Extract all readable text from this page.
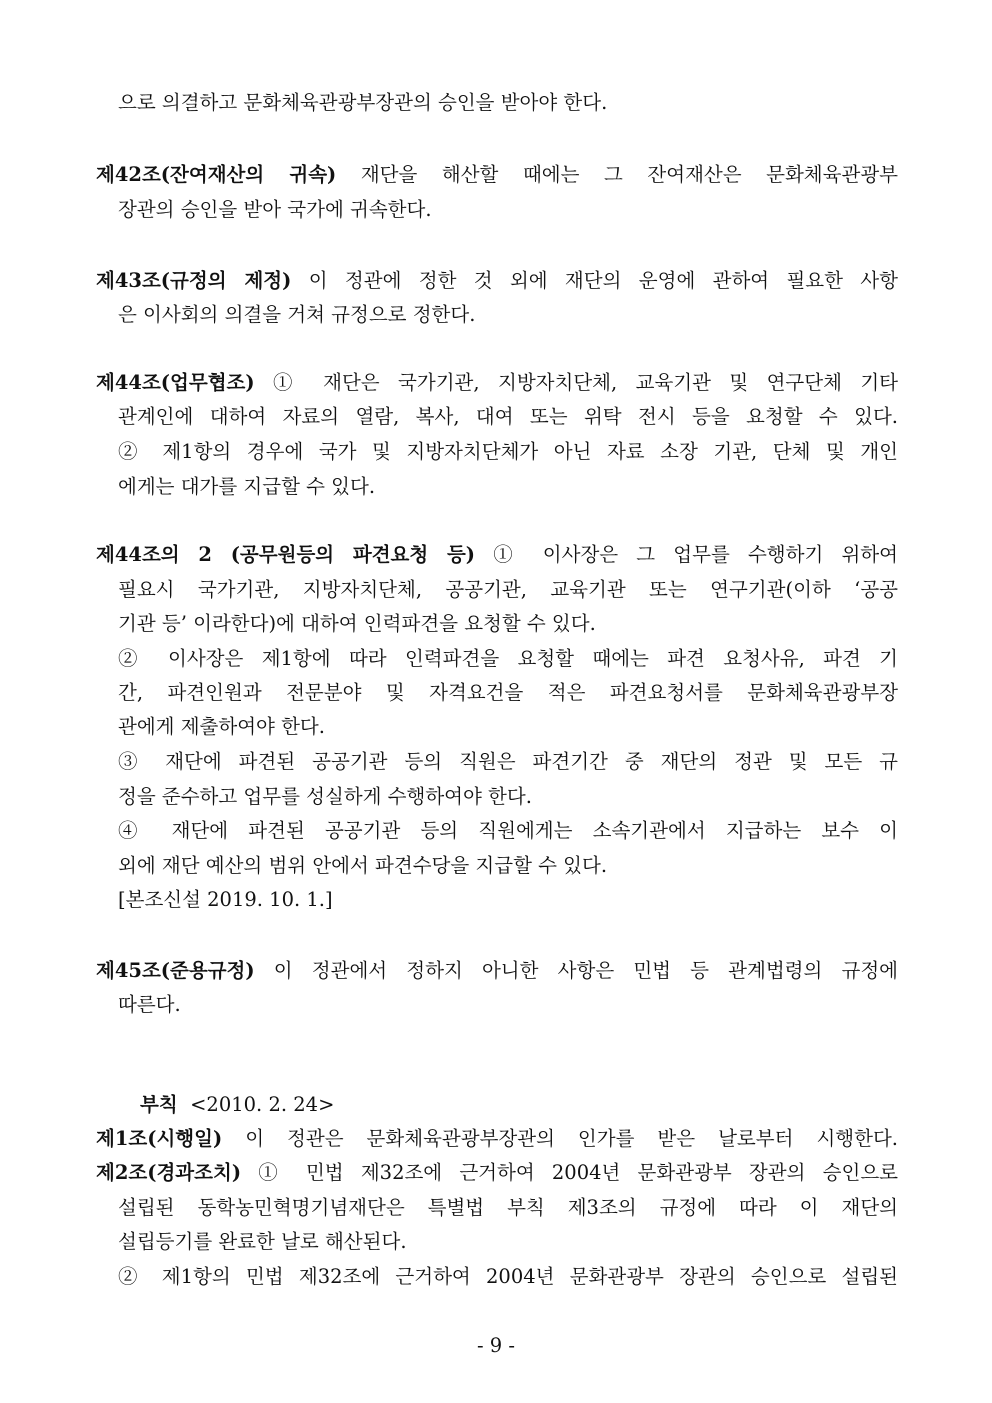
으로 의결하고 문화체육관광부장관의 승인을 받아야 한다.
제42조(잔여재산의 귀속) 재단을 해산할 때에는 그 잔여재산은 문화체육관광부
장관의 승인을 받아 국가에 귀속한다.
제43조(규정의 제정) 이 정관에 정한 것 외에 재단의 운영에 관하여 필요한 사항
은 이사회의 의결을 거쳐 규정으로 정한다.
제44조(업무협조) ① 재단은 국가기관, 지방자치단체, 교육기관 및 연구단체 기타
관계인에 대하여 자료의 열람, 복사, 대여 또는 위탁 전시 등을 요청할 수 있다.
② 제1항의 경우에 국가 및 지방자치단체가 아닌 자료 소장 기관, 단체 및 개인
에게는 대가를 지급할 수 있다.
제44조의 2 (공무원등의 파견요청 등) ① 이사장은 그 업무를 수행하기 위하여
필요시 국가기관, 지방자치단체, 공공기관, 교육기관 또는 연구기관(이하 ‘공공
기관 등’ 이라한다)에 대하여 인력파견을 요청할 수 있다.
② 이사장은 제1항에 따라 인력파견을 요청할 때에는 파견 요청사유, 파견 기
간, 파견인원과 전문분야 및 자격요건을 적은 파견요청서를 문화체육관광부장
관에게 제출하여야 한다.
③ 재단에 파견된 공공기관 등의 직원은 파견기간 중 재단의 정관 및 모든 규
정을 준수하고 업무를 성실하게 수행하여야 한다.
④ 재단에 파견된 공공기관 등의 직원에게는 소속기관에서 지급하는 보수 이
외에 재단 예산의 범위 안에서 파견수당을 지급할 수 있다.
[본조신설 2019. 10. 1.]
제45조(준용규정) 이 정관에서 정하지 아니한 사항은 민법 등 관계법령의 규정에
따른다.
부칙 <2010. 2. 24>
제1조(시행일) 이 정관은 문화체육관광부장관의 인가를 받은 날로부터 시행한다.
제2조(경과조치) ① 민법 제32조에 근거하여 2004년 문화관광부 장관의 승인으로
설립된 동학농민혁명기념재단은 특별법 부칙 제3조의 규정에 따라 이 재단의
설립등기를 완료한 날로 해산된다.
② 제1항의 민법 제32조에 근거하여 2004년 문화관광부 장관의 승인으로 설립된
- 9 -
